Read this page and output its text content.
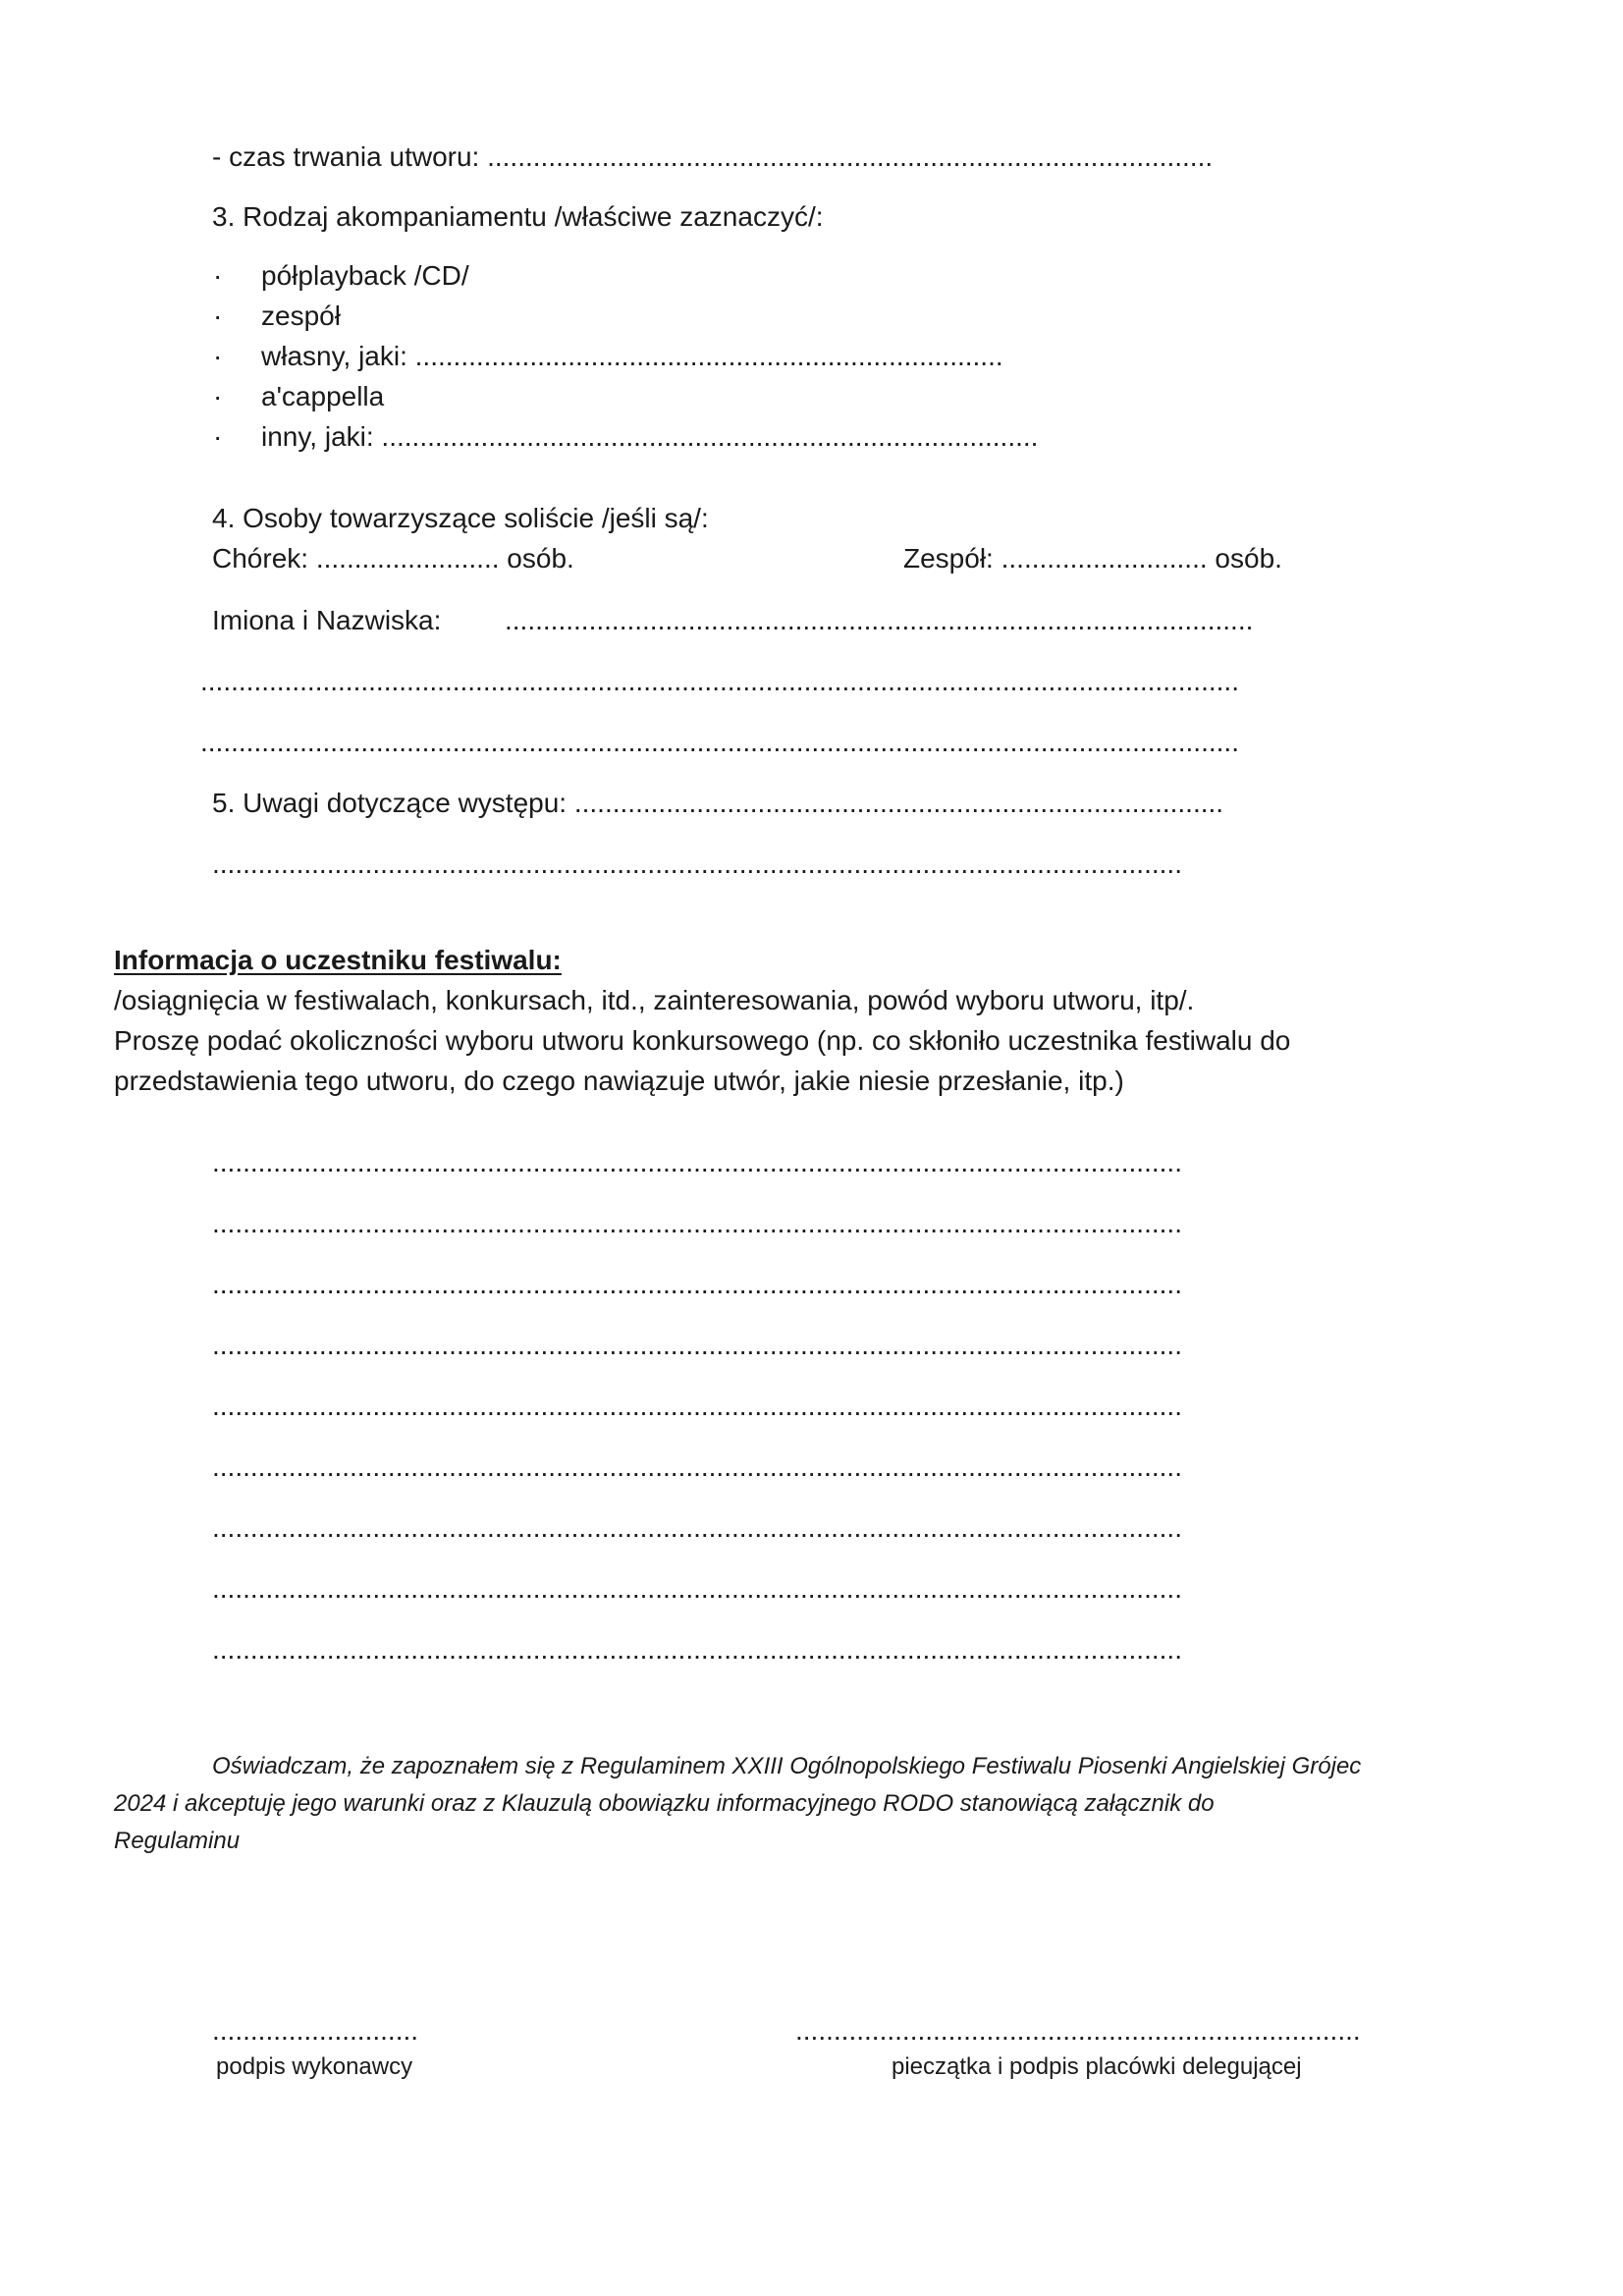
- czas trwania utworu: ...............................................................................................
3. Rodzaj akompaniamentu /właściwe zaznaczyć/:
· półplayback /CD/
· zespół
· własny, jaki: .............................................................................
· a'cappella
· inny, jaki: ......................................................................................
4. Osoby towarzyszące soliście /jeśli są/:
Chórek: ........................ osób.	Zespół: ........................... osób.
Imiona i Nazwiska: ..................................................................................................
........................................................................................................................................
........................................................................................................................................
5. Uwagi dotyczące występu: .....................................................................................
...............................................................................................................................
Informacja o uczestniku festiwalu:
/osiągnięcia w festiwalach, konkursach, itd., zainteresowania, powód wyboru utworu, itp/.
Proszę podać okoliczności wyboru utworu konkursowego (np. co skłoniło uczestnika festiwalu do
przedstawienia tego utworu, do czego nawiązuje utwór, jakie niesie przesłanie, itp.)
...............................................................................................................................
...............................................................................................................................
...............................................................................................................................
...............................................................................................................................
...............................................................................................................................
...............................................................................................................................
...............................................................................................................................
...............................................................................................................................
...............................................................................................................................
Oświadczam, że zapoznałem się z Regulaminem XXIII Ogólnopolskiego Festiwalu Piosenki Angielskiej Grójec
2024 i akceptuję jego warunki oraz z Klauzulą obowiązku informacyjnego RODO stanowiącą załącznik do
Regulaminu
...........................
podpis wykonawcy
..........................................................................
pieczątka i podpis placówki delegującej
